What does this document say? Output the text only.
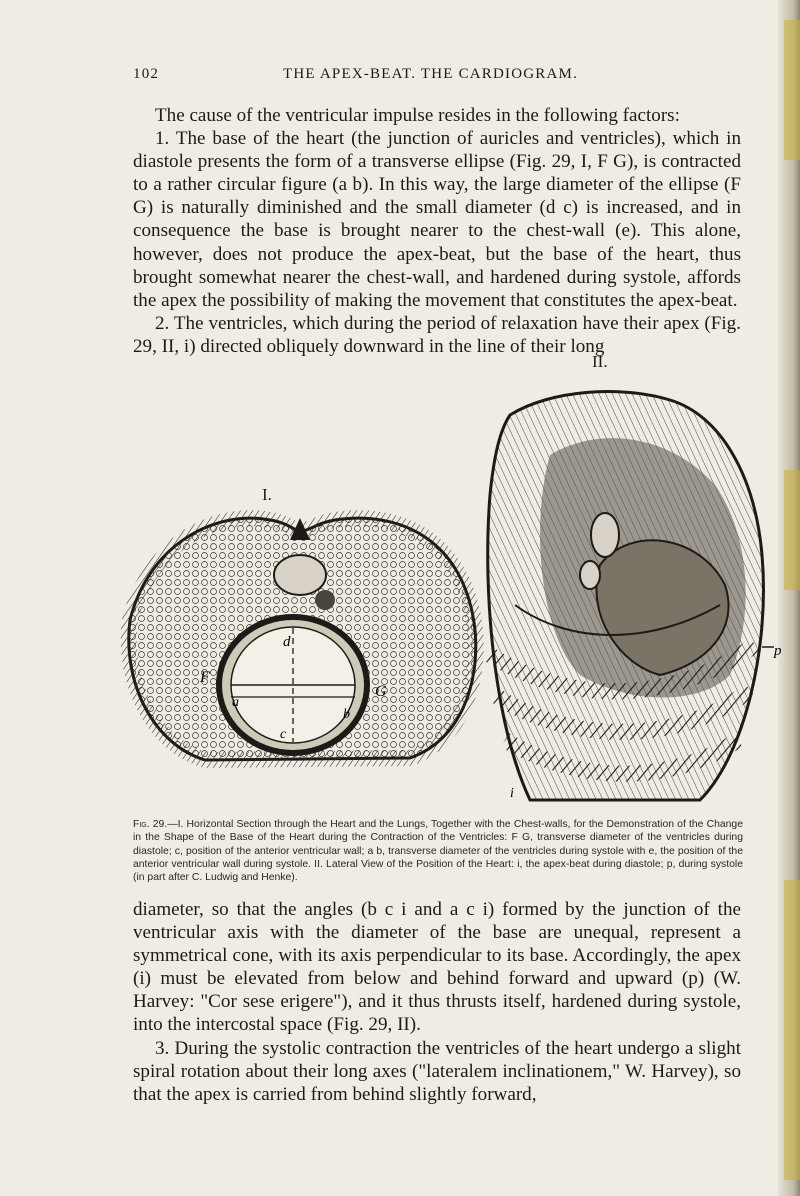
102	THE APEX-BEAT. THE CARDIOGRAM.

The cause of the ventricular impulse resides in the following factors:

1. The base of the heart (the junction of auricles and ventricles), which in diastole presents the form of a transverse ellipse (Fig. 29, I, F G), is contracted to a rather circular figure (a b). In this way, the large diameter of the ellipse (F G) is naturally diminished and the small diameter (d c) is increased, and in consequence the base is brought nearer to the chest-wall (e). This alone, however, does not produce the apex-beat, but the base of the heart, thus brought somewhat nearer the chest-wall, and hardened during systole, affords the apex the possibility of making the movement that constitutes the apex-beat.

2. The ventricles, which during the period of relaxation have their apex (Fig. 29, II, i) directed obliquely downward in the line of their long

I.
d
a
b
c
F
G
II.
i
p
Fig. 29.—I. Horizontal Section through the Heart and the Lungs, Together with the Chest-walls, for the Demonstration of the Change in the Shape of the Base of the Heart during the Contraction of the Ventricles: F G, transverse diameter of the ventricles during diastole; c, position of the anterior ventricular wall; a b, transverse diameter of the ventricles during systole with e, the position of the anterior ventricular wall during systole. II. Lateral View of the Position of the Heart: i, the apex-beat during diastole; p, during systole (in part after C. Ludwig and Henke).

diameter, so that the angles (b c i and a c i) formed by the junction of the ventricular axis with the diameter of the base are unequal, represent a symmetrical cone, with its axis perpendicular to its base. Accordingly, the apex (i) must be elevated from below and behind forward and upward (p) (W. Harvey: "Cor sese erigere"), and it thus thrusts itself, hardened during systole, into the intercostal space (Fig. 29, II).

3. During the systolic contraction the ventricles of the heart undergo a slight spiral rotation about their long axes ("lateralem inclinationem," W. Harvey), so that the apex is carried from behind slightly forward,
